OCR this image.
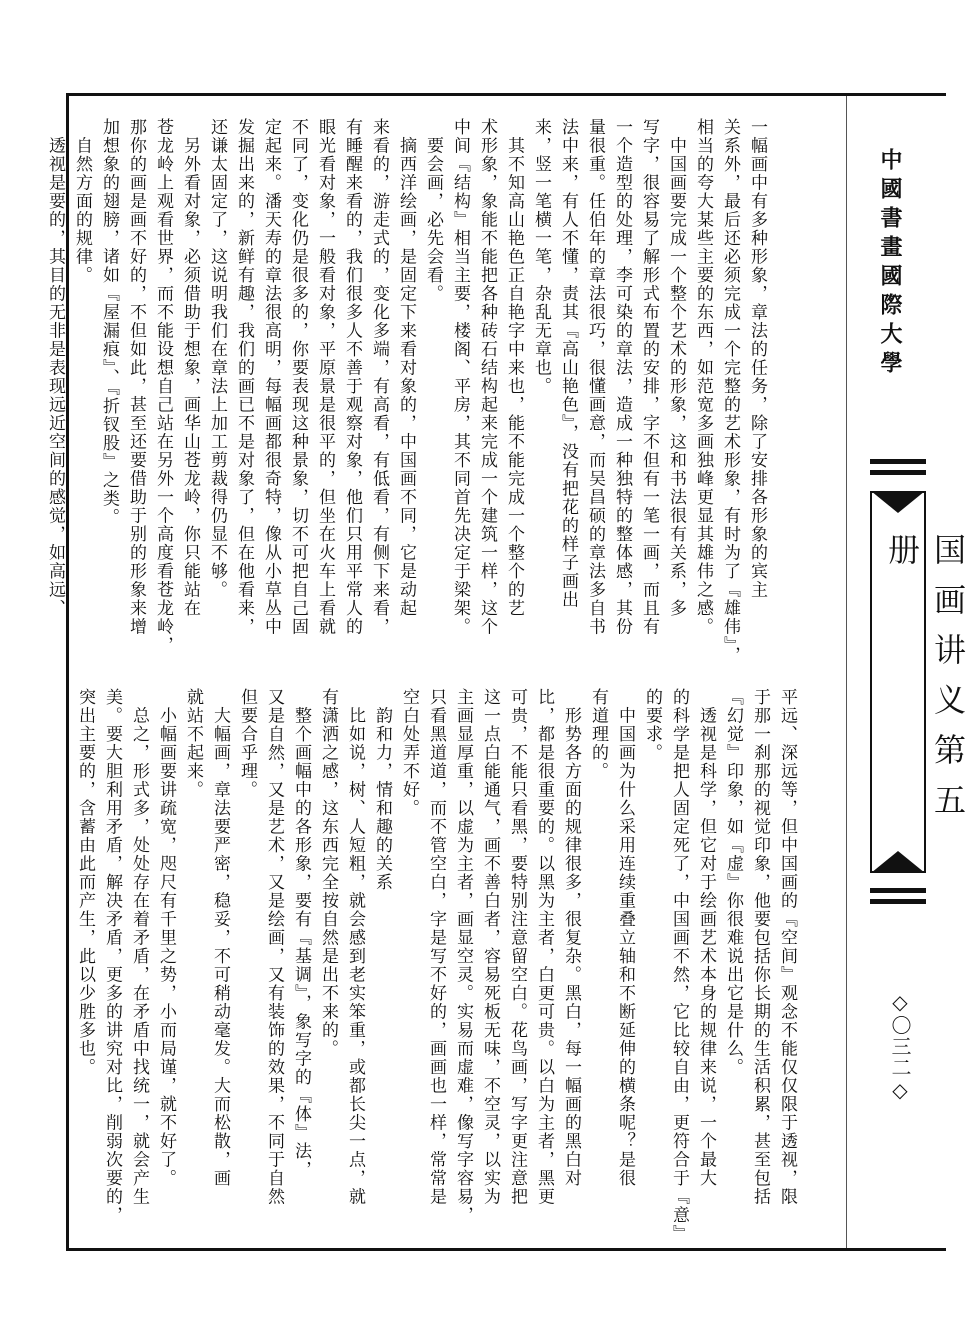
中國書畫國際大學
国画讲义第五册
◇〇三二◇

一幅画中有多种形象，章法的任务，除了安排各形象的宾主

关系外，最后还必须完成一个完整的艺术形象，有时为了『雄伟』，

相当的夸大某些主要的东西，如范宽多画独峰更显其雄伟之感。

　中国画要完成一个整个艺术的形象，这和书法很有关系，多

写字，很容易了解形式布置的安排，字不但有一笔一画，而且有

一个造型的处理，李可染的章法，造成一种独特的整体感，其份

量很重。任伯年的章法很巧，很懂画意，而吴昌硕的章法多自书

法中来，有人不懂，责其『高山艳色』，没有把花的样子画出

来，竖一笔横一笔，杂乱无章也。

　其不知高山艳色正自艳字中来也，能不能完成一个整个的艺

术形象，象能不能把各种砖石结构起来完成一个建筑一样，这个

中间『结构』相当主要，楼阁、平房，其不同首先决定于梁架。

　要会画，必先会看。

　摘西洋绘画，是固定下来看对象的，中国画不同，它是动起

来看的，游走式的，变化多端，有高看，有低看，有侧下来看，

有睡醒来看的，我们很多人不善于观察对象，他们只用平常人的

眼光看对象，一般看对象，平原景是很平的，但坐在火车上看就

不同了，变化仍是很多的，你要表现这种景象，切不可把自己固

定起来。潘天寿的章法很高明，每幅画都很奇特，像从小草丛中

发掘出来的，新鲜有趣，我们的画已不是对象了，但在他看来，

还谦太固定了，这说明我们在章法上加工剪裁得仍显不够。

　另外看对象，必须借助于想象，画华山苍龙岭，你只能站在

苍龙岭上观看世界，而不能设想自己站在另外一个高度看苍龙岭，

那你的画是画不好的，不但如此，甚至还要借助于别的形象来增

加想象的翅膀，诸如『屋漏痕』、『折钗股』之类。

　自然方面的规律。

　透视是要的，其目的无非是表现远近空间的感觉，如高远、

平远、深远等，但中国画的『空间』观念不能仅仅限于透视，限

于那一刹那的视觉印象，他要包括你长期的生活积累，甚至包括

『幻觉』印象，如『虚』你很难说出它是什么。

　透视是科学，但它对于绘画艺术本身的规律来说，一个最大

的科学是把人固定死了，中国画不然，它比较自由，更符合于『意』

的要求。

　中国画为什么采用连续重叠立轴和不断延伸的横条呢？是很

有道理的。

　形势各方面的规律很多，很复杂。黑白，每一幅画的黑白对

比，都是很重要的。以黑为主者，白更可贵。以白为主者，黑更

可贵，不能只看黑，要特别注意留空白。花鸟画，写字更注意把

这一点白能通气，画不善白者，容易死板无味，不空灵，以实为

主画显厚重，以虚为主者，画显空灵。实易而虚难，像写字容易，

只看黑道道，而不管空白，字是写不好的，画画也一样，常常是

空白处弄不好。

　韵和力，情和趣的关系

　比如说，树、人短粗，就会感到老实笨重，或都长尖一点，就

有潇洒之感，这东西完全按自然是出不来的。

　整个画幅中的各形象，要有『基调』，象写字的『体』法，

又是自然，又是艺术，又是绘画，又有装饰的效果，不同于自然

但要合乎理。

　大幅画，章法要严密，稳妥，不可稍动毫发。大而松散，画

就站不起来。

　小幅画要讲疏宽，咫尺有千里之势，小而局谨，就不好了。

　总之，形式多，处处存在着矛盾，在矛盾中找统一，就会产生

美。要大胆利用矛盾，解决矛盾，更多的讲究对比，削弱次要的，

突出主要的，含蓄由此而产生，此以少胜多也。
